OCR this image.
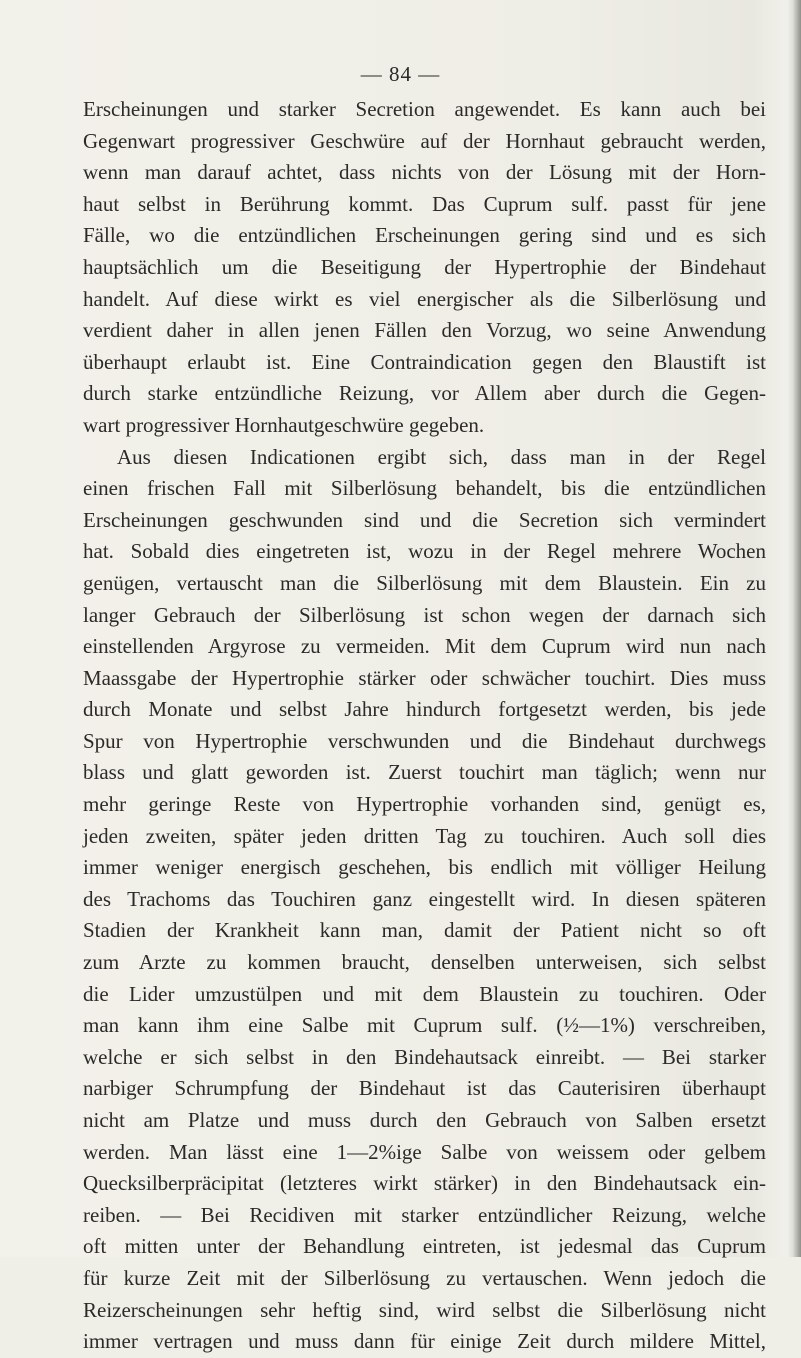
— 84 —
Erscheinungen und starker Secretion angewendet. Es kann auch bei
Gegenwart progressiver Geschwüre auf der Hornhaut gebraucht werden,
wenn man darauf achtet, dass nichts von der Lösung mit der Horn-
haut selbst in Berührung kommt. Das Cuprum sulf. passt für jene
Fälle, wo die entzündlichen Erscheinungen gering sind und es sich
hauptsächlich um die Beseitigung der Hypertrophie der Bindehaut
handelt. Auf diese wirkt es viel energischer als die Silberlösung und
verdient daher in allen jenen Fällen den Vorzug, wo seine Anwendung
überhaupt erlaubt ist. Eine Contraindication gegen den Blaustift ist
durch starke entzündliche Reizung, vor Allem aber durch die Gegen-
wart progressiver Hornhautgeschwüre gegeben.
Aus diesen Indicationen ergibt sich, dass man in der Regel
einen frischen Fall mit Silberlösung behandelt, bis die entzündlichen
Erscheinungen geschwunden sind und die Secretion sich vermindert
hat. Sobald dies eingetreten ist, wozu in der Regel mehrere Wochen
genügen, vertauscht man die Silberlösung mit dem Blaustein. Ein zu
langer Gebrauch der Silberlösung ist schon wegen der darnach sich
einstellenden Argyrose zu vermeiden. Mit dem Cuprum wird nun nach
Maassgabe der Hypertrophie stärker oder schwächer touchirt. Dies muss
durch Monate und selbst Jahre hindurch fortgesetzt werden, bis jede
Spur von Hypertrophie verschwunden und die Bindehaut durchwegs
blass und glatt geworden ist. Zuerst touchirt man täglich; wenn nur
mehr geringe Reste von Hypertrophie vorhanden sind, genügt es,
jeden zweiten, später jeden dritten Tag zu touchiren. Auch soll dies
immer weniger energisch geschehen, bis endlich mit völliger Heilung
des Trachoms das Touchiren ganz eingestellt wird. In diesen späteren
Stadien der Krankheit kann man, damit der Patient nicht so oft
zum Arzte zu kommen braucht, denselben unterweisen, sich selbst
die Lider umzustülpen und mit dem Blaustein zu touchiren. Oder
man kann ihm eine Salbe mit Cuprum sulf. (½—1%) verschreiben,
welche er sich selbst in den Bindehautsack einreibt. — Bei starker
narbiger Schrumpfung der Bindehaut ist das Cauterisiren überhaupt
nicht am Platze und muss durch den Gebrauch von Salben ersetzt
werden. Man lässt eine 1—2%ige Salbe von weissem oder gelbem
Quecksilberpräcipitat (letzteres wirkt stärker) in den Bindehautsack ein-
reiben. — Bei Recidiven mit starker entzündlicher Reizung, welche
oft mitten unter der Behandlung eintreten, ist jedesmal das Cuprum
für kurze Zeit mit der Silberlösung zu vertauschen. Wenn jedoch die
Reizerscheinungen sehr heftig sind, wird selbst die Silberlösung nicht
immer vertragen und muss dann für einige Zeit durch mildere Mittel,
